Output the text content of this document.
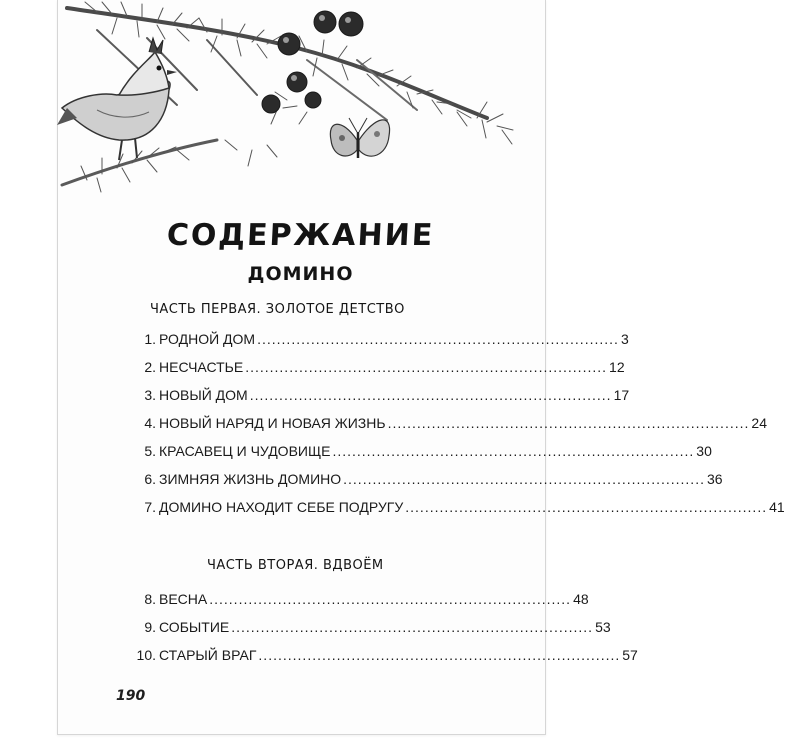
СОДЕРЖАНИЕ
ДОМИНО
ЧАСТЬ ПЕРВАЯ. ЗОЛОТОЕ ДЕТСТВО
1. РОДНОЙ ДОМ .......................................................................... 3
2. НЕСЧАСТЬЕ .......................................................................... 12
3. НОВЫЙ ДОМ .......................................................................... 17
4. НОВЫЙ НАРЯД И НОВАЯ ЖИЗНЬ .......................................................................... 24
5. КРАСАВЕЦ И ЧУДОВИЩЕ .......................................................................... 30
6. ЗИМНЯЯ ЖИЗНЬ ДОМИНО .......................................................................... 36
7. ДОМИНО НАХОДИТ СЕБЕ ПОДРУГУ .......................................................................... 41
ЧАСТЬ ВТОРАЯ. ВДВОЁМ
8. ВЕСНА .......................................................................... 48
9. СОБЫТИЕ .......................................................................... 53
10. СТАРЫЙ ВРАГ .......................................................................... 57
190
